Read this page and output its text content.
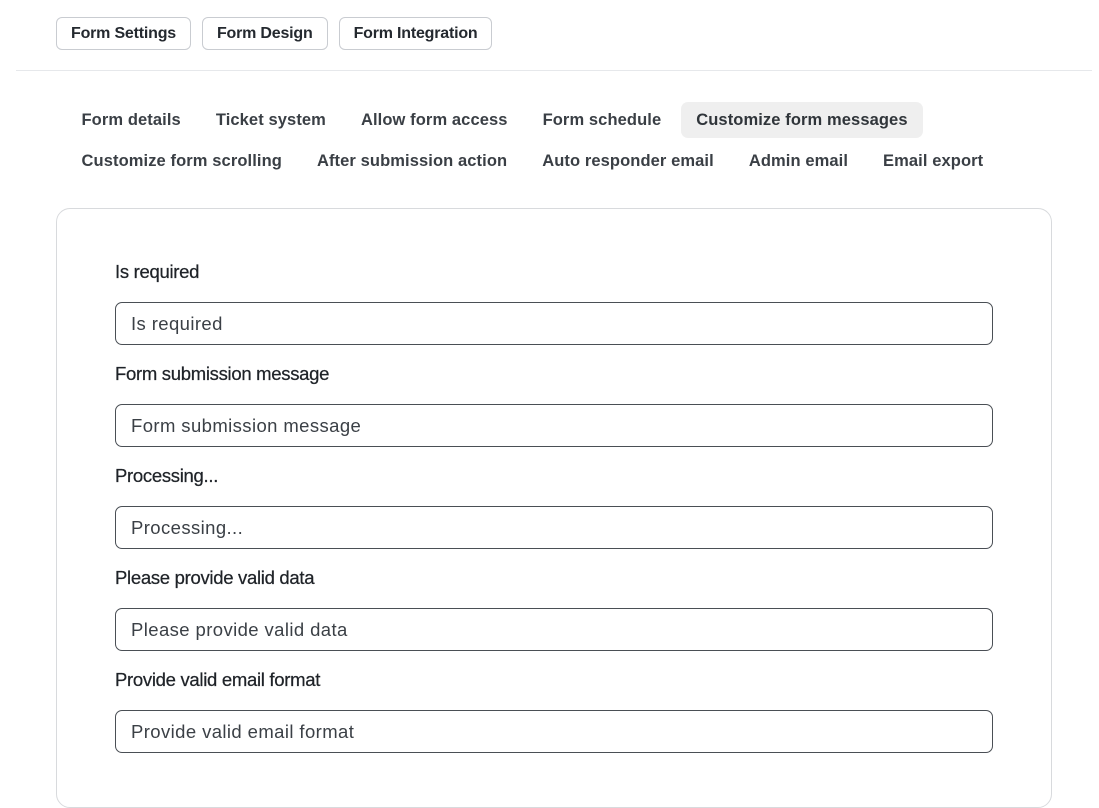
Form Settings	Form Design	Form Integration
Form details	Ticket system	Allow form access	Form schedule	Customize form messages
Customize form scrolling	After submission action	Auto responder email	Admin email	Email export
Is required
Is required
Form submission message
Form submission message
Processing...
Processing...
Please provide valid data
Please provide valid data
Provide valid email format
Provide valid email format
